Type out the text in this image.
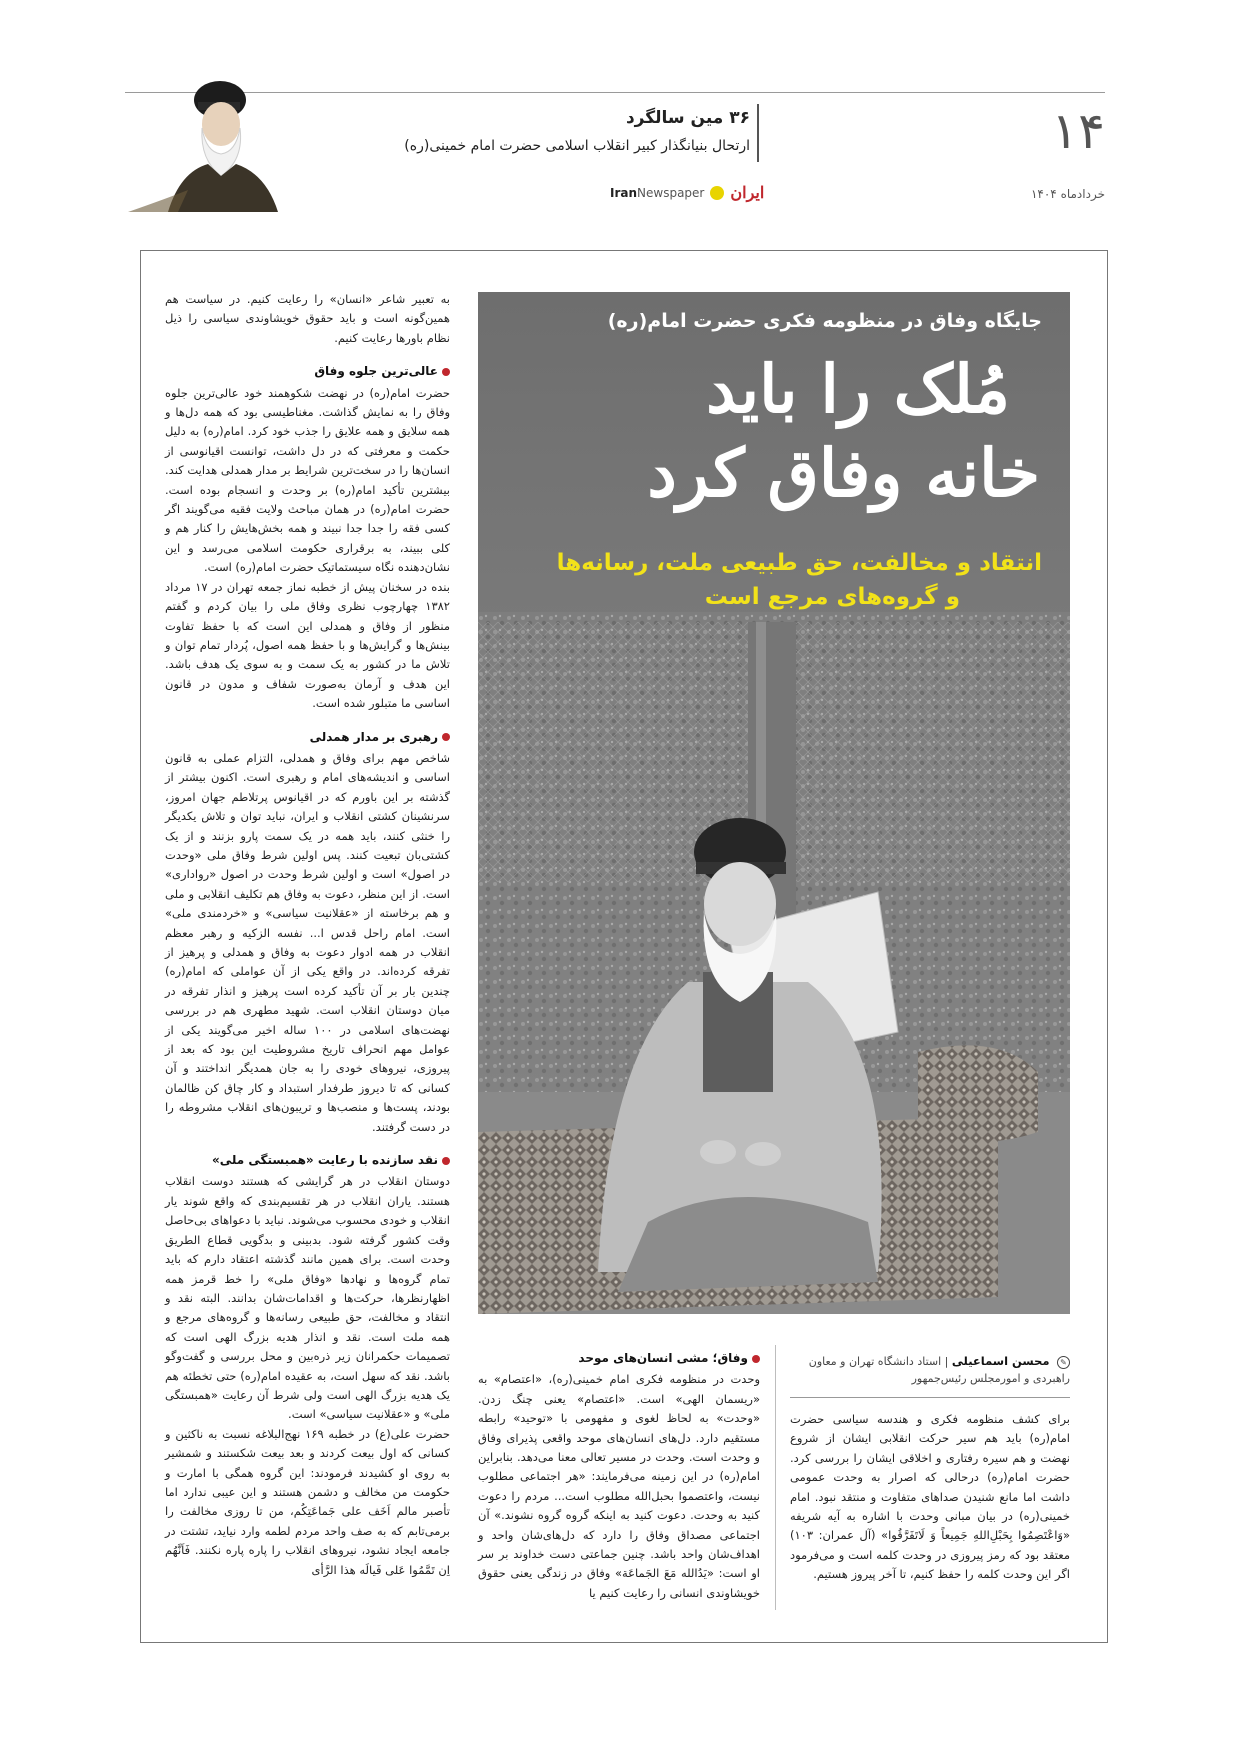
۱۴
۳۶ مین سالگرد
ارتحال بنیانگذار کبیر انقلاب اسلامی حضرت امام خمینی(ره)
خردادماه ۱۴۰۴
IranNewspaper ایران
جایگاه وفاق در منظومه فکری حضرت امام(ره)
مُلک را باید
خانه وفاق کرد
انتقاد و مخالفت، حق طبیعی ملت، رسانه‌ها
و گروه‌های مرجع است

به تعبیر شاعر «انسان» را رعایت کنیم. در سیاست هم همین‌گونه است و باید حقوق خویشاوندی سیاسی را ذیل نظام باورها رعایت کنیم.

عالی‌ترین جلوه وفاق

حضرت امام(ره) در نهضت شکوهمند خود عالی‌ترین جلوه وفاق را به نمایش گذاشت. مغناطیسی بود که همه دل‌ها و همه سلایق و همه علایق را جذب خود کرد. امام(ره) به دلیل حکمت و معرفتی که در دل داشت، توانست اقیانوسی از انسان‌ها را در سخت‌ترین شرایط بر مدار همدلی هدایت کند. بیشترین تأکید امام(ره) بر وحدت و انسجام بوده است. حضرت امام(ره) در همان مباحث ولایت فقیه می‌گویند اگر کسی فقه را جدا جدا نبیند و همه بخش‌هایش را کنار هم و کلی ببیند، به برقراری حکومت اسلامی می‌رسد و این نشان‌دهنده نگاه سیستماتیک حضرت امام(ره) است.

بنده در سخنان پیش از خطبه نماز جمعه تهران در ۱۷ مرداد ۱۳۸۲ چهارچوب نظری وفاق ملی را بیان کردم و گفتم منظور از وفاق و همدلی این است که با حفظ تفاوت بینش‌ها و گرایش‌ها و با حفظ همه اصول، پُردار تمام توان و تلاش ما در کشور به یک سمت و به سوی یک هدف باشد. این هدف و آرمان به‌صورت شفاف و مدون در قانون اساسی ما متبلور شده است.

رهبری بر مدار همدلی

شاخص مهم برای وفاق و همدلی، التزام عملی به قانون اساسی و اندیشه‌های امام و رهبری است. اکنون بیشتر از گذشته بر این باورم که در اقیانوس پرتلاطم جهان امروز، سرنشینان کشتی انقلاب و ایران، نباید توان و تلاش یکدیگر را خنثی کنند، باید همه در یک سمت پارو بزنند و از یک کشتی‌بان تبعیت کنند. پس اولین شرط وفاق ملی «وحدت در اصول» است و اولین شرط وحدت در اصول «رواداری» است. از این منظر، دعوت به وفاق هم تکلیف انقلابی و ملی و هم برخاسته از «عقلانیت سیاسی» و «خردمندی ملی» است. امام راحل قدس ا... نفسه الزکیه و رهبر معظم انقلاب در همه ادوار دعوت به وفاق و همدلی و پرهیز از تفرقه کرده‌اند. در واقع یکی از آن عواملی که امام(ره) چندین بار بر آن تأکید کرده است پرهیز و انذار تفرقه در میان دوستان انقلاب است. شهید مطهری هم در بررسی نهضت‌های اسلامی در ۱۰۰ ساله اخیر می‌گویند یکی از عوامل مهم انحراف تاریخ مشروطیت این بود که بعد از پیروزی، نیروهای خودی را به جان همدیگر انداختند و آن کسانی که تا دیروز طرفدار استبداد و کار چاق کن ظالمان بودند، پست‌ها و منصب‌ها و تریبون‌های انقلاب مشروطه را در دست گرفتند.

نقد سازنده با رعایت «همبستگی ملی»

دوستان انقلاب در هر گرایشی که هستند دوست انقلاب هستند. یاران انقلاب در هر تقسیم‌بندی که واقع شوند یار انقلاب و خودی محسوب می‌شوند. نباید با دعواهای بی‌حاصل وقت کشور گرفته شود. بدبینی و بدگویی قطاع الطریق وحدت است. برای همین مانند گذشته اعتقاد دارم که باید تمام گروه‌ها و نهادها «وفاق ملی» را خط قرمز همه اظهارنظرها، حرکت‌ها و اقدامات‌شان بدانند. البته نقد و انتقاد و مخالفت، حق طبیعی رسانه‌ها و گروه‌های مرجع و همه ملت است. نقد و انذار هدیه بزرگ الهی است که تصمیمات حکمرانان زیر ذره‌بین و محل بررسی و گفت‌وگو باشد. نقد که سهل است، به عقیده امام(ره) حتی تخطئه هم یک هدیه بزرگ الهی است ولی شرط آن رعایت «همبستگی ملی» و «عقلانیت سیاسی» است.

حضرت علی(ع) در خطبه ۱۶۹ نهج‌البلاغه نسبت به ناکثین و کسانی که اول بیعت کردند و بعد بیعت شکستند و شمشیر به روی او کشیدند فرمودند: این گروه همگی با امارت و حکومت من مخالف و دشمن هستند و این عیبی ندارد اما تأصبر مالم اَخَف علی جَماعَتِکُم، من تا روزی مخالفت را برمی‌تابم که به صف واحد مردم لطمه وارد نیاید، تشتت در جامعه ایجاد نشود، نیروهای انقلاب را پاره پاره نکنند. فَاَنَّهُم اِن تَمَّمُوا عَلی فَیالَه هذا الرَّأی

وفاق؛ مشی انسان‌های موحد

وحدت در منظومه فکری امام خمینی(ره)، «اعتصام» به «ریسمان الهی» است. «اعتصام» یعنی چنگ زدن. «وحدت» به لحاظ لغوی و مفهومی با «توحید» رابطه مستقیم دارد. دل‌های انسان‌های موحد واقعی پذیرای وفاق و وحدت است. وحدت در مسیر تعالی معنا می‌دهد. بنابراین امام(ره) در این زمینه می‌فرمایند: «هر اجتماعی مطلوب نیست، واعتصموا بحبل‌الله مطلوب است... مردم را دعوت کنید به وحدت. دعوت کنید به اینکه گروه گروه نشوند.» آن اجتماعی مصداق وفاق را دارد که دل‌های‌شان واحد و اهداف‌شان واحد باشد. چنین جماعتی دست خداوند بر سر او است: «یَدُالله مَعَ الجَماعَة» وفاق در زندگی یعنی حقوق خویشاوندی انسانی را رعایت کنیم یا

✎ محسن اسماعیلی | استاد دانشگاه تهران و معاون راهبردی و امورمجلس رئیس‌جمهور

برای کشف منظومه فکری و هندسه سیاسی حضرت امام(ره) باید هم سیر حرکت انقلابی ایشان از شروع نهضت و هم سیره رفتاری و اخلاقی ایشان را بررسی کرد. حضرت امام(ره) درحالی که اصرار به وحدت عمومی داشت اما مانع شنیدن صداهای متفاوت و منتقد نبود. امام خمینی(ره) در بیان مبانی وحدت با اشاره به آیه شریفه «وَاعْتَصِمُوا بِحَبْلِ‌اللهِ جَمِيعاً وَ لَاتَفَرَّقُوا» (آل عمران: ۱۰۳) معتقد بود که رمز پیروزی در وحدت کلمه است و می‌فرمود اگر این وحدت کلمه را حفظ کنیم، تا آخر پیروز هستیم.
